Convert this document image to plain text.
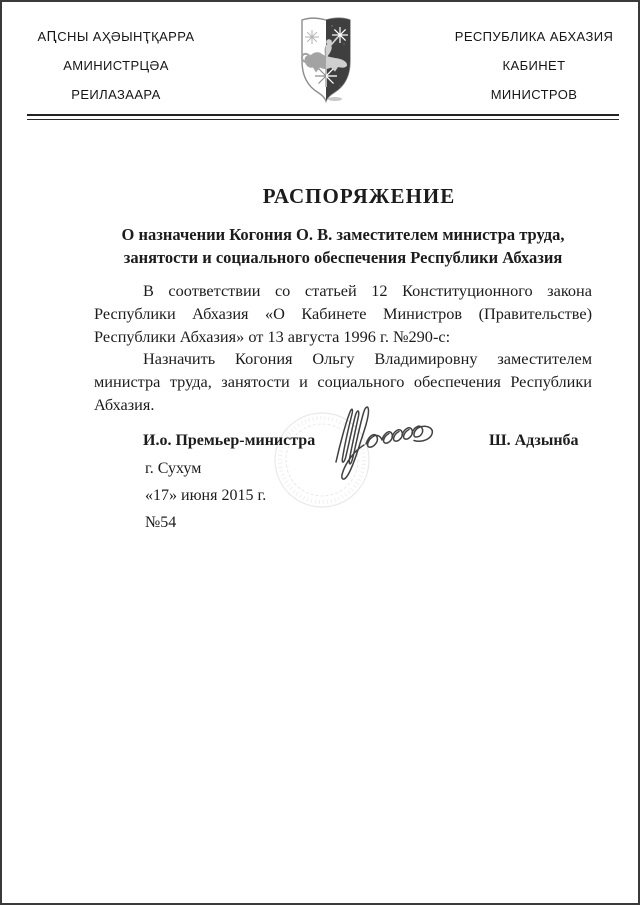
АԤСНЫ АҲӘЫНҬҚАРРА
АМИНИСТРЦӘА
РЕИЛАЗААРА
РЕСПУБЛИКА АБХАЗИЯ
КАБИНЕТ
МИНИСТРОВ
РАСПОРЯЖЕНИЕ
О назначении Когония О. В. заместителем министра труда,
занятости и социального обеспечения Республики Абхазия
В соответствии со статьей 12 Конституционного закона Республики Абхазия «О Кабинете Министров (Правительстве) Республики Абхазия» от 13 августа 1996 г. №290-с:
Назначить Когония Ольгу Владимировну заместителем министра труда, занятости и социального обеспечения Республики Абхазия.
И.о. Премьер-министра	Ш. Адзынба
г. Сухум
«17» июня 2015 г.
№54
